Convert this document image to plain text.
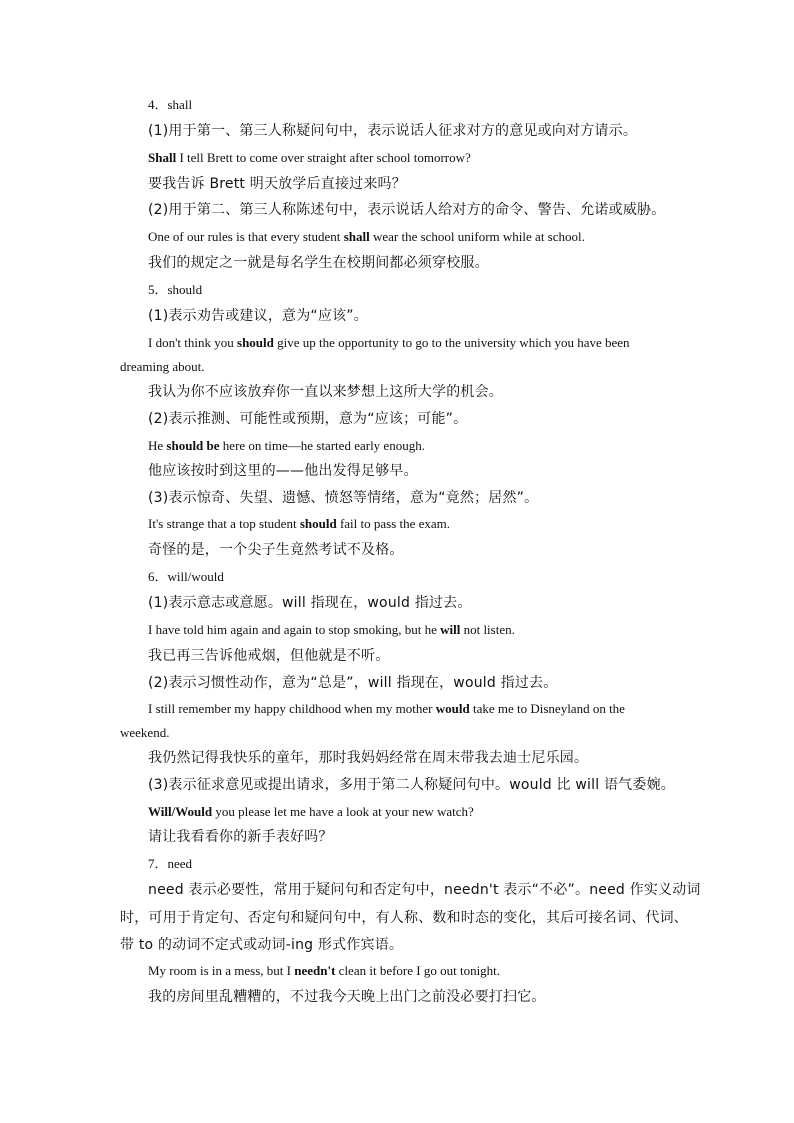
4．shall
(1)用于第一、第三人称疑问句中，表示说话人征求对方的意见或向对方请示。
Shall I tell Brett to come over straight after school tomorrow?
要我告诉 Brett 明天放学后直接过来吗？
(2)用于第二、第三人称陈述句中，表示说话人给对方的命令、警告、允诺或威胁。
One of our rules is that every student shall wear the school uniform while at school.
我们的规定之一就是每名学生在校期间都必须穿校服。
5．should
(1)表示劝告或建议，意为“应该”。
I don't think you should give up the opportunity to go to the university which you have been
dreaming about.
我认为你不应该放弃你一直以来梦想上这所大学的机会。
(2)表示推测、可能性或预期，意为“应该；可能”。
He should be here on time—he started early enough.
他应该按时到这里的——他出发得足够早。
(3)表示惊奇、失望、遗憾、愤怒等情绪，意为“竟然；居然”。
It's strange that a top student should fail to pass the exam.
奇怪的是，一个尖子生竟然考试不及格。
6．will/would
(1)表示意志或意愿。will 指现在，would 指过去。
I have told him again and again to stop smoking, but he will not listen.
我已再三告诉他戒烟，但他就是不听。
(2)表示习惯性动作，意为“总是”，will 指现在，would 指过去。
I still remember my happy childhood when my mother would take me to Disneyland on the
weekend.
我仍然记得我快乐的童年，那时我妈妈经常在周末带我去迪士尼乐园。
(3)表示征求意见或提出请求，多用于第二人称疑问句中。would 比 will 语气委婉。
Will/Would you please let me have a look at your new watch?
请让我看看你的新手表好吗？
7．need
need 表示必要性，常用于疑问句和否定句中，needn't 表示“不必”。need 作实义动词
时，可用于肯定句、否定句和疑问句中，有人称、数和时态的变化，其后可接名词、代词、
带 to 的动词不定式或动词-ing 形式作宾语。
My room is in a mess, but I needn't clean it before I go out tonight.
我的房间里乱糟糟的，不过我今天晚上出门之前没必要打扫它。
